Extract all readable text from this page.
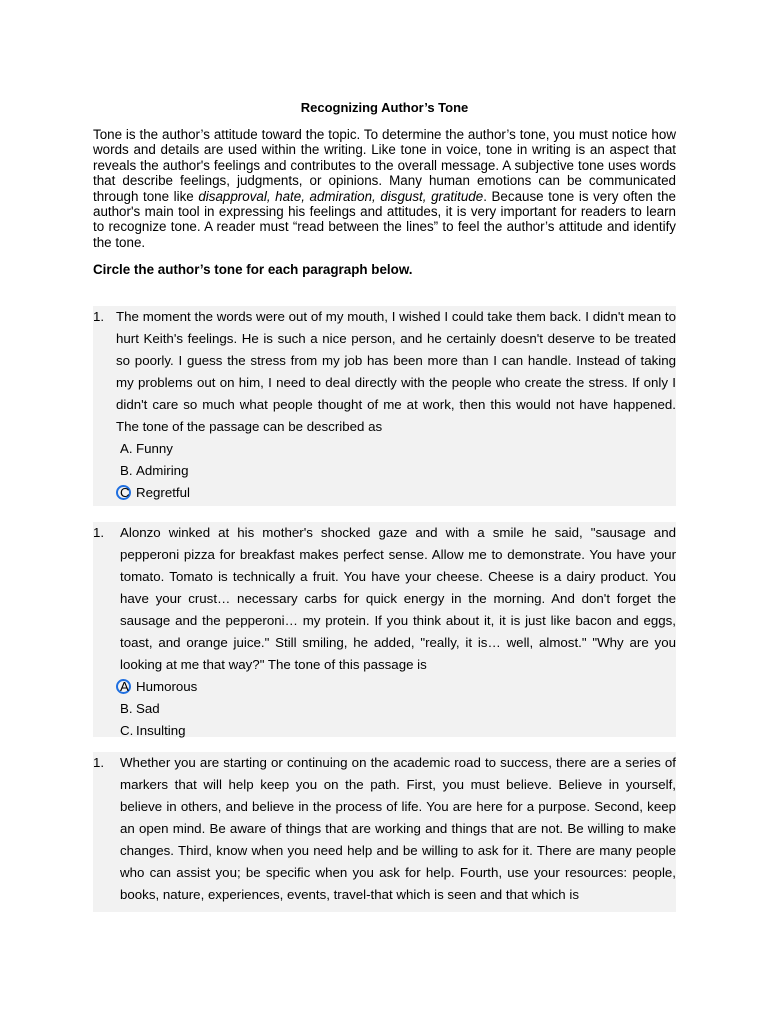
Recognizing Author’s Tone

Tone is the author’s attitude toward the topic. To determine the author’s tone, you must notice how words and details are used within the writing. Like tone in voice, tone in writing is an aspect that reveals the author's feelings and contributes to the overall message. A subjective tone uses words that describe feelings, judgments, or opinions. Many human emotions can be communicated through tone like disapproval, hate, admiration, disgust, gratitude. Because tone is very often the author's main tool in expressing his feelings and attitudes, it is very important for readers to learn to recognize tone. A reader must “read between the lines” to feel the author’s attitude and identify the tone.

Circle the author’s tone for each paragraph below.

1. The moment the words were out of my mouth, I wished I could take them back. I didn't mean to hurt Keith's feelings. He is such a nice person, and he certainly doesn't deserve to be treated so poorly. I guess the stress from my job has been more than I can handle. Instead of taking my problems out on him, I need to deal directly with the people who create the stress. If only I didn't care so much what people thought of me at work, then this would not have happened. The tone of the passage can be described as
A. Funny
B. Admiring
C Regretful
1. Alonzo winked at his mother's shocked gaze and with a smile he said, "sausage and pepperoni pizza for breakfast makes perfect sense. Allow me to demonstrate. You have your tomato. Tomato is technically a fruit. You have your cheese. Cheese is a dairy product. You have your crust… necessary carbs for quick energy in the morning. And don't forget the sausage and the pepperoni… my protein. If you think about it, it is just like bacon and eggs, toast, and orange juice." Still smiling, he added, "really, it is… well, almost." "Why are you looking at me that way?" The tone of this passage is
A Humorous
B. Sad
C. Insulting
1. Whether you are starting or continuing on the academic road to success, there are a series of markers that will help keep you on the path. First, you must believe. Believe in yourself, believe in others, and believe in the process of life. You are here for a purpose. Second, keep an open mind. Be aware of things that are working and things that are not. Be willing to make changes. Third, know when you need help and be willing to ask for it. There are many people who can assist you; be specific when you ask for help. Fourth, use your resources: people, books, nature, experiences, events, travel-that which is seen and that which is
